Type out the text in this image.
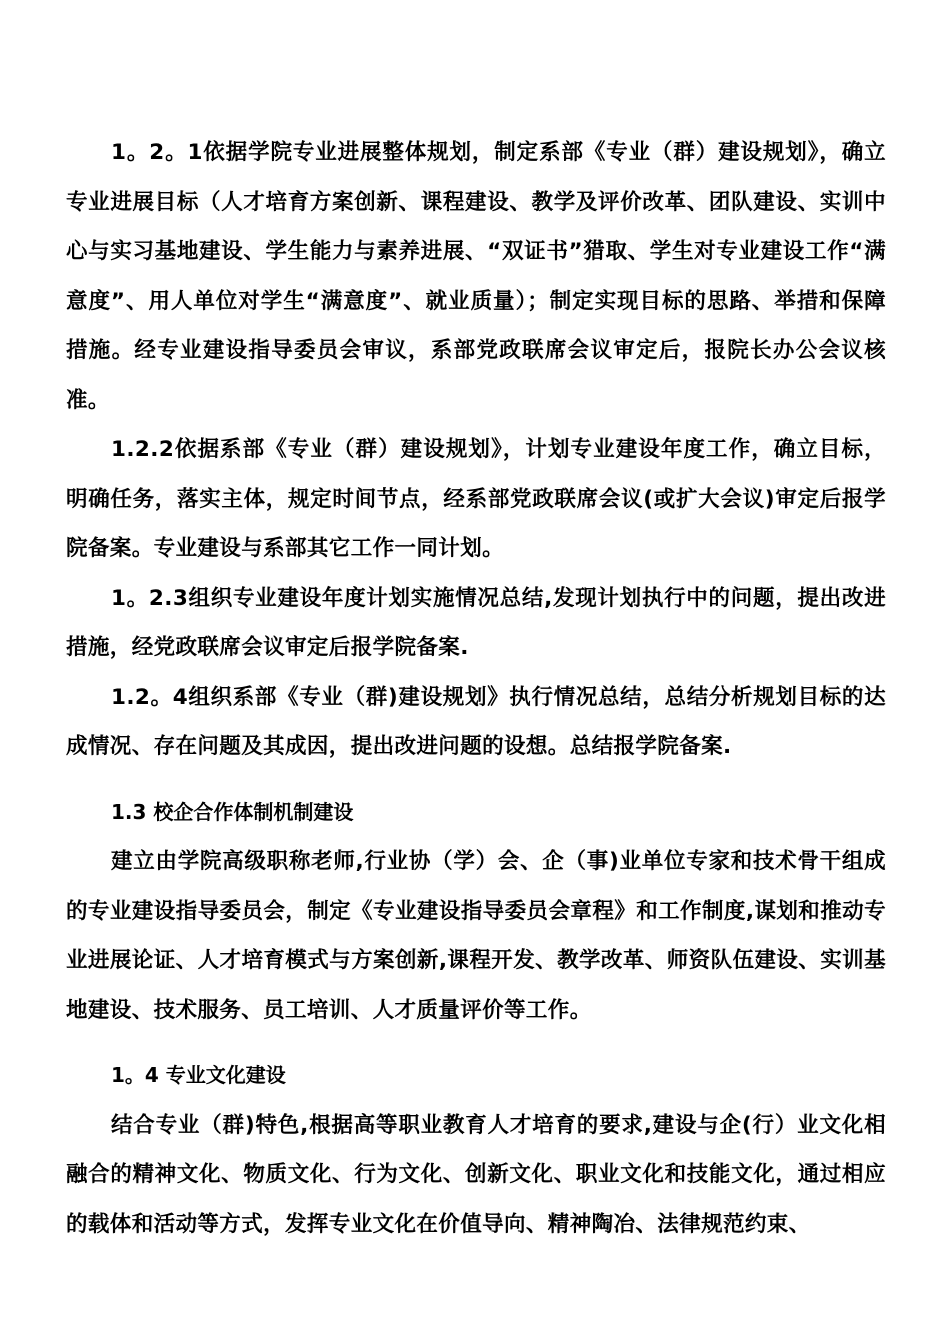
1。2。1依据学院专业进展整体规划，制定系部《专业（群）建设规划》，确立专业进展目标（人才培育方案创新、课程建设、教学及评价改革、团队建设、实训中心与实习基地建设、学生能力与素养进展、“双证书”猎取、学生对专业建设工作“满意度”、用人单位对学生“满意度”、就业质量）；制定实现目标的思路、举措和保障措施。经专业建设指导委员会审议，系部党政联席会议审定后，报院长办公会议核准。

1.2.2依据系部《专业（群）建设规划》，计划专业建设年度工作，确立目标，明确任务，落实主体，规定时间节点，经系部党政联席会议(或扩大会议)审定后报学院备案。专业建设与系部其它工作一同计划。

1。2.3组织专业建设年度计划实施情况总结,发现计划执行中的问题，提出改进措施，经党政联席会议审定后报学院备案.

1.2。4组织系部《专业（群)建设规划》执行情况总结，总结分析规划目标的达成情况、存在问题及其成因，提出改进问题的设想。总结报学院备案.

1.3 校企合作体制机制建设

建立由学院高级职称老师,行业协（学）会、企（事)业单位专家和技术骨干组成的专业建设指导委员会，制定《专业建设指导委员会章程》和工作制度,谋划和推动专业进展论证、人才培育模式与方案创新,课程开发、教学改革、师资队伍建设、实训基地建设、技术服务、员工培训、人才质量评价等工作。

1。4 专业文化建设

结合专业（群)特色,根据高等职业教育人才培育的要求,建设与企(行）业文化相融合的精神文化、物质文化、行为文化、创新文化、职业文化和技能文化，通过相应的载体和活动等方式，发挥专业文化在价值导向、精神陶冶、法律规范约束、
